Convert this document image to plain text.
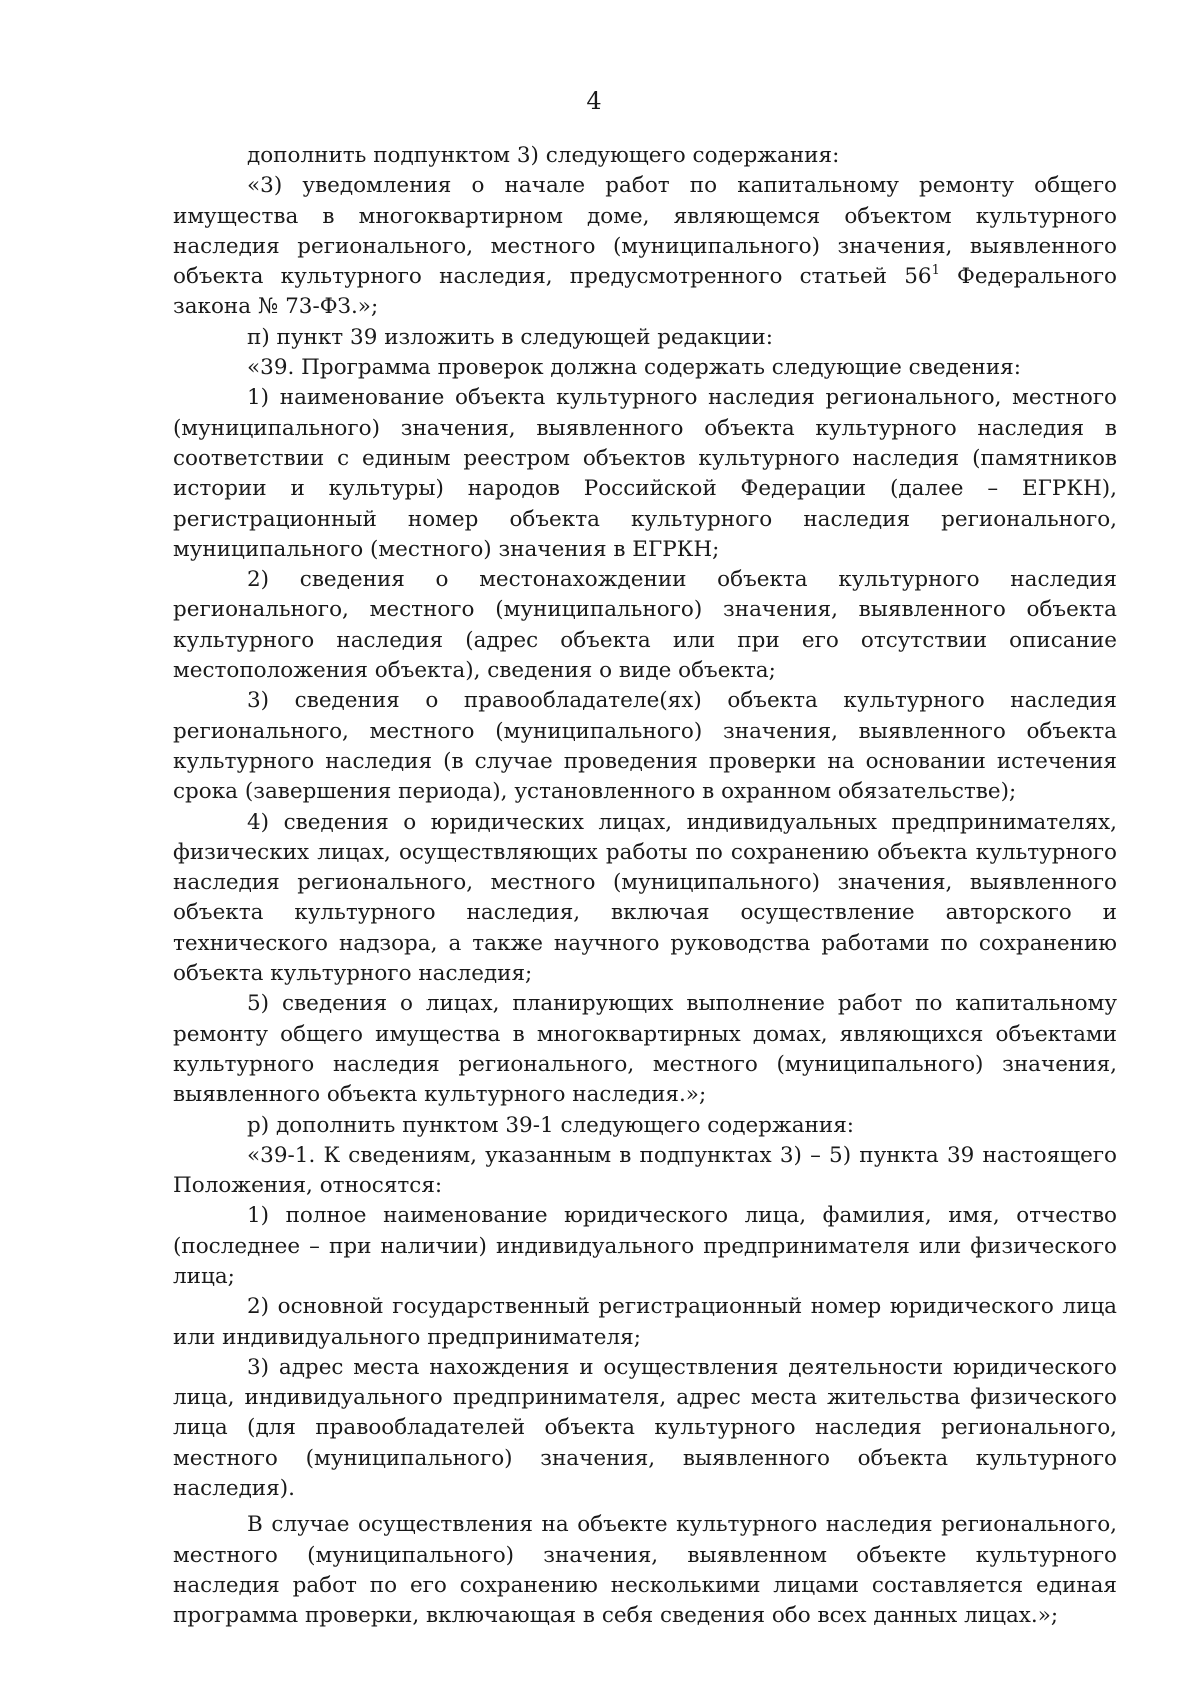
4

дополнить подпунктом 3) следующего содержания:

«3) уведомления о начале работ по капитальному ремонту общего имущества в многоквартирном доме, являющемся объектом культурного наследия регионального, местного (муниципального) значения, выявленного объекта культурного наследия, предусмотренного статьей 56$^1$ Федерального закона № 73-ФЗ.»;

п) пункт 39 изложить в следующей редакции:

«39. Программа проверок должна содержать следующие сведения:

1) наименование объекта культурного наследия регионального, местного (муниципального) значения, выявленного объекта культурного наследия в соответствии с единым реестром объектов культурного наследия (памятников истории и культуры) народов Российской Федерации (далее – ЕГРКН), регистрационный номер объекта культурного наследия регионального, муниципального (местного) значения в ЕГРКН;

2) сведения о местонахождении объекта культурного наследия регионального, местного (муниципального) значения, выявленного объекта культурного наследия (адрес объекта или при его отсутствии описание местоположения объекта), сведения о виде объекта;

3) сведения о правообладателе(ях) объекта культурного наследия регионального, местного (муниципального) значения, выявленного объекта культурного наследия (в случае проведения проверки на основании истечения срока (завершения периода), установленного в охранном обязательстве);

4) сведения о юридических лицах, индивидуальных предпринимателях, физических лицах, осуществляющих работы по сохранению объекта культурного наследия регионального, местного (муниципального) значения, выявленного объекта культурного наследия, включая осуществление авторского и технического надзора, а также научного руководства работами по сохранению объекта культурного наследия;

5) сведения о лицах, планирующих выполнение работ по капитальному ремонту общего имущества в многоквартирных домах, являющихся объектами культурного наследия регионального, местного (муниципального) значения, выявленного объекта культурного наследия.»;

р) дополнить пунктом 39-1 следующего содержания:

«39-1. К сведениям, указанным в подпунктах 3) – 5) пункта 39 настоящего Положения, относятся:

1) полное наименование юридического лица, фамилия, имя, отчество (последнее – при наличии) индивидуального предпринимателя или физического лица;

2) основной государственный регистрационный номер юридического лица или индивидуального предпринимателя;

3) адрес места нахождения и осуществления деятельности юридического лица, индивидуального предпринимателя, адрес места жительства физического лица (для правообладателей объекта культурного наследия регионального, местного (муниципального) значения, выявленного объекта культурного наследия).

В случае осуществления на объекте культурного наследия регионального, местного (муниципального) значения, выявленном объекте культурного наследия работ по его сохранению несколькими лицами составляется единая программа проверки, включающая в себя сведения обо всех данных лицах.»;
